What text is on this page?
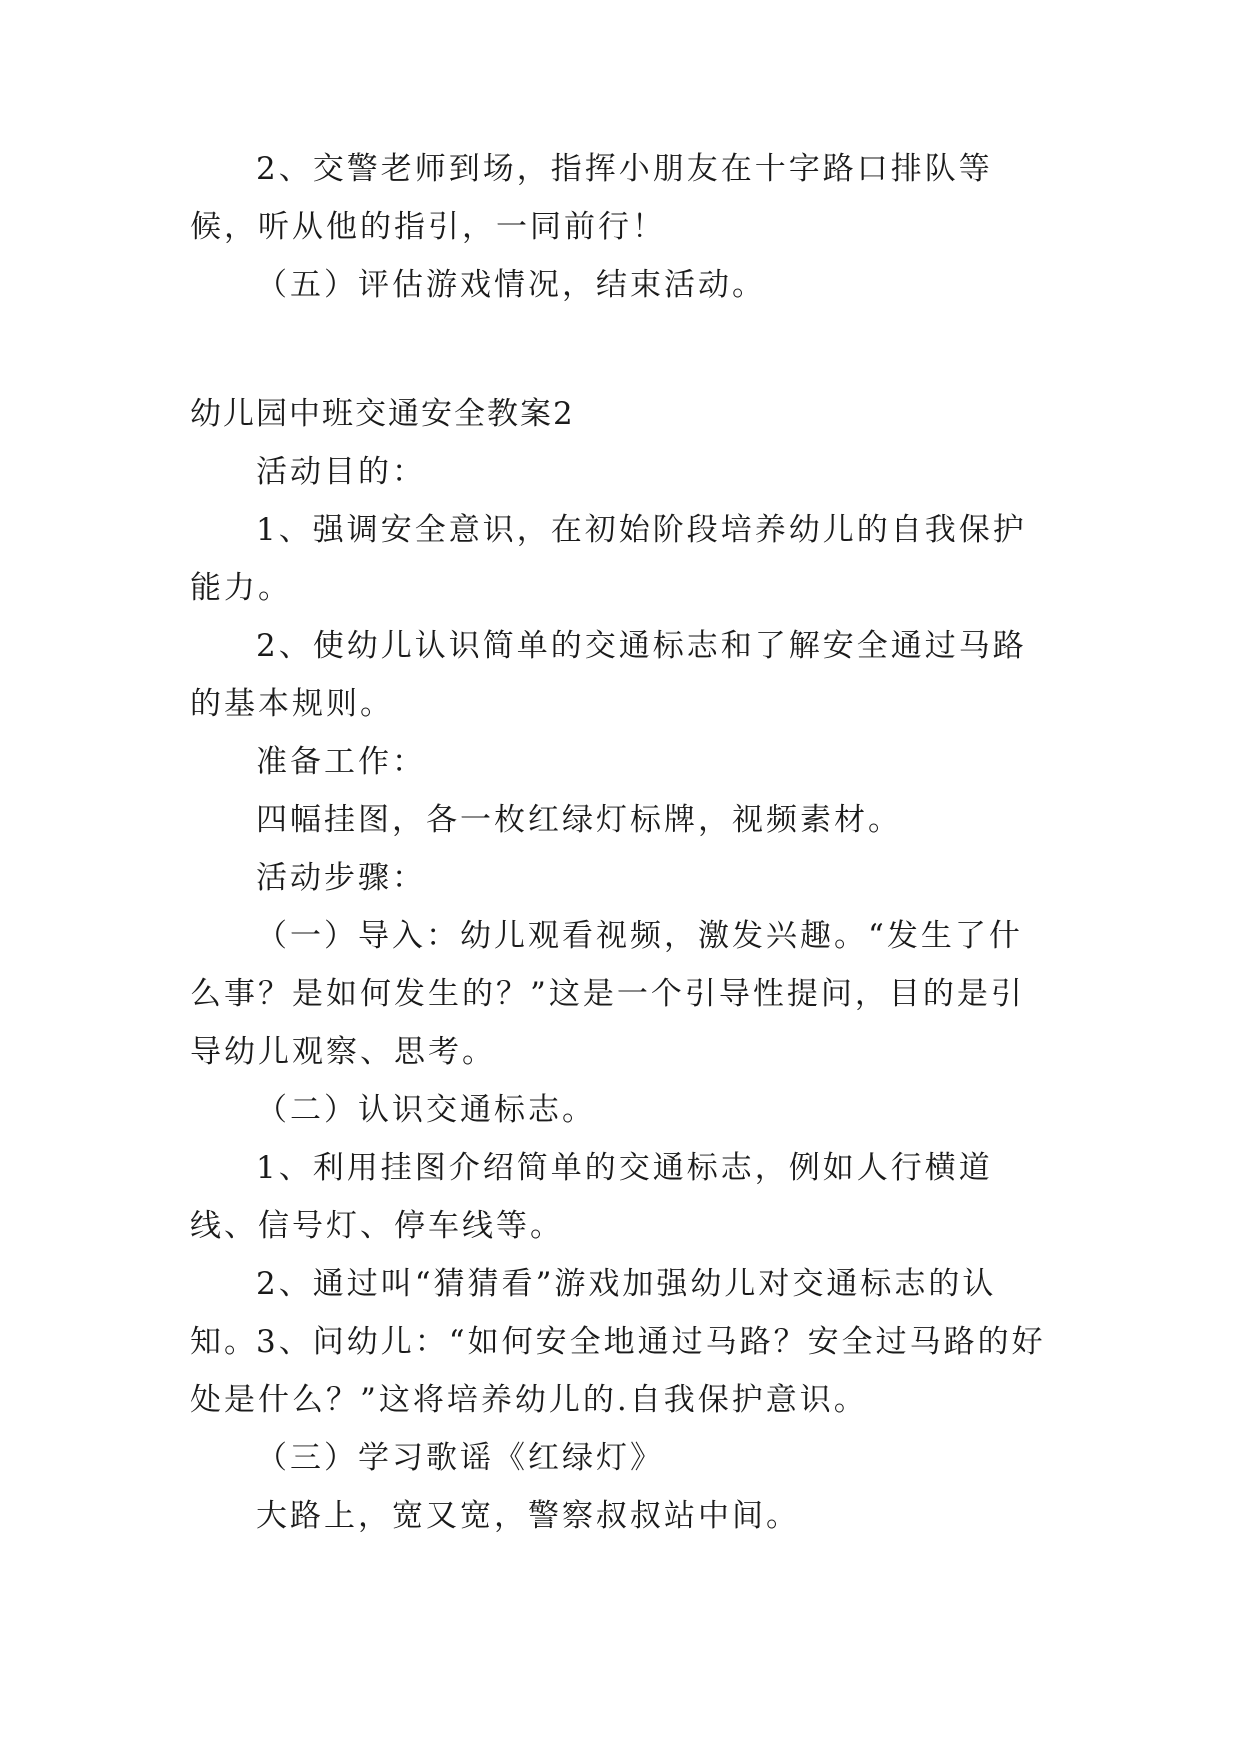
2、交警老师到场，指挥小朋友在十字路口排队等候，听从他的指引，一同前行！

（五）评估游戏情况，结束活动。

幼儿园中班交通安全教案2

活动目的：

1、强调安全意识，在初始阶段培养幼儿的自我保护能力。

2、使幼儿认识简单的交通标志和了解安全通过马路的基本规则。

准备工作：

四幅挂图，各一枚红绿灯标牌，视频素材。

活动步骤：

（一）导入：幼儿观看视频，激发兴趣。“发生了什么事？是如何发生的？”这是一个引导性提问，目的是引导幼儿观察、思考。

（二）认识交通标志。

1、利用挂图介绍简单的交通标志，例如人行横道线、信号灯、停车线等。

2、通过叫“猜猜看”游戏加强幼儿对交通标志的认知。

3、问幼儿：“如何安全地通过马路？安全过马路的好处是什么？”这将培养幼儿的.自我保护意识。

（三）学习歌谣《红绿灯》

大路上，宽又宽，警察叔叔站中间。
